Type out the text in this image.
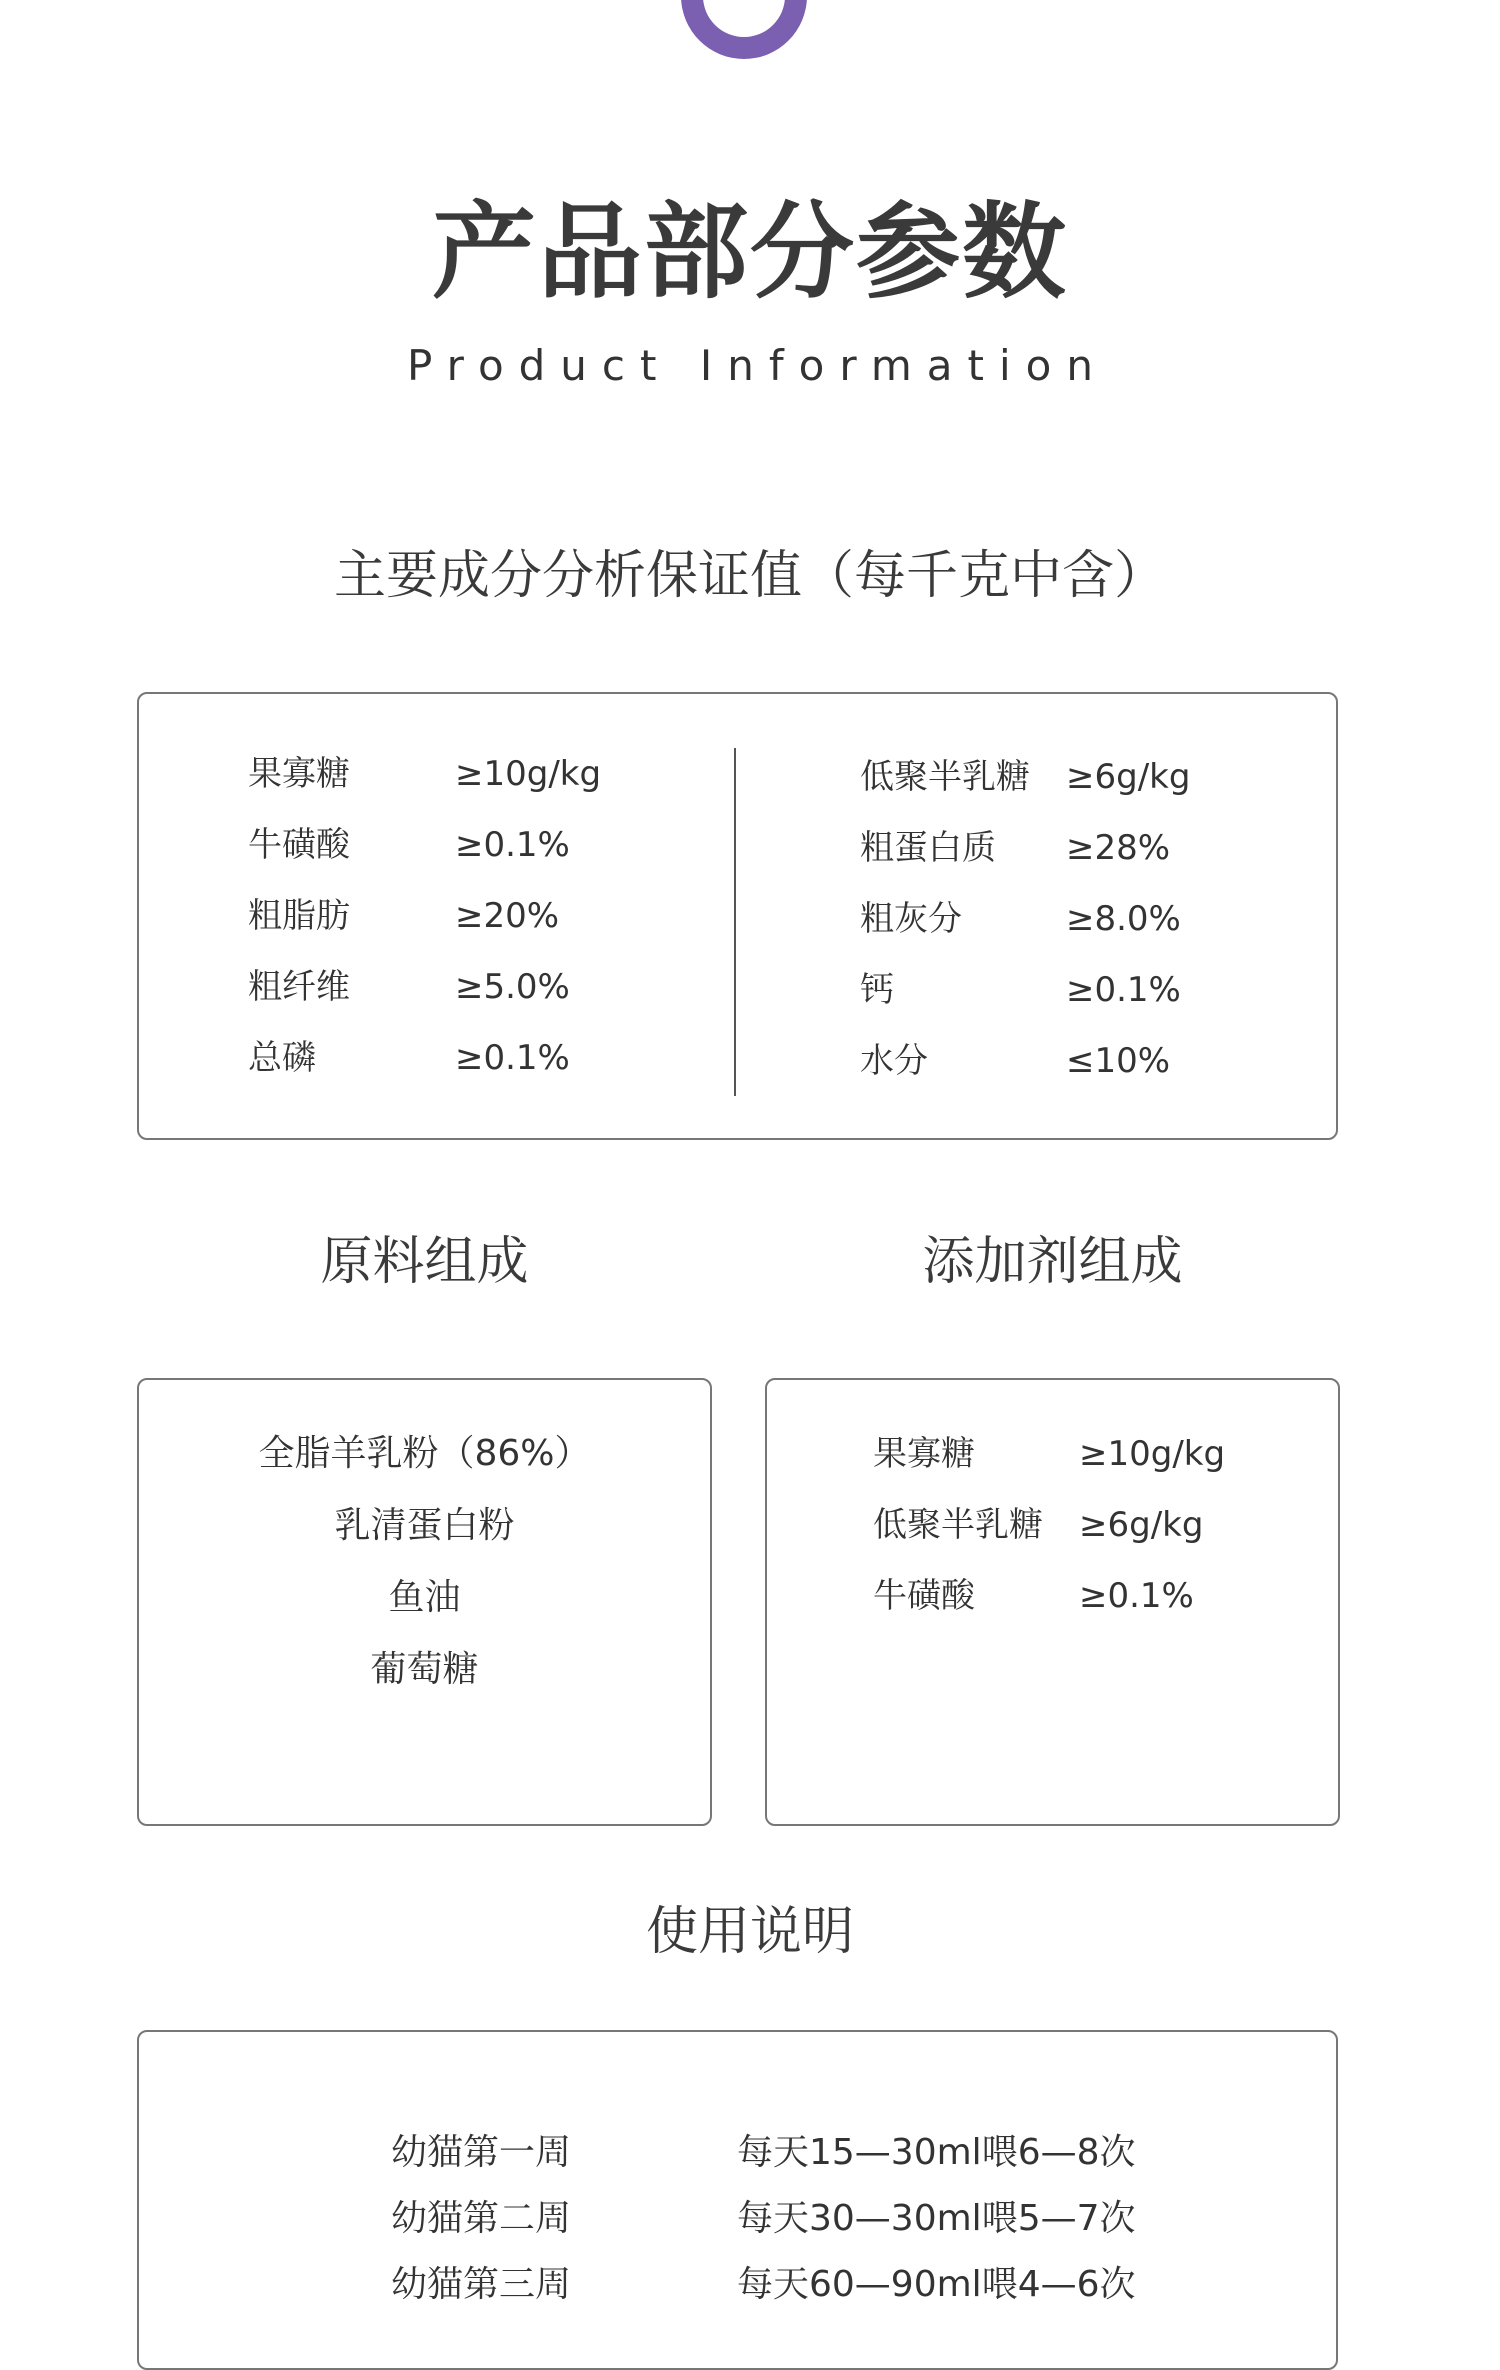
产品部分参数
Product Information
主要成分分析保证值（每千克中含）
果寡糖	≥10g/kg
牛磺酸	≥0.1%
粗脂肪	≥20%
粗纤维	≥5.0%
总磷	≥0.1%
低聚半乳糖 ≥6g/kg
粗蛋白质 ≥28%
粗灰分	≥8.0%
钙	≥0.1%
水分	≤10%
原料组成	添加剂组成
全脂羊乳粉（86%）
乳清蛋白粉
鱼油
葡萄糖
果寡糖	≥10g/kg
低聚半乳糖 ≥6g/kg
牛磺酸	≥0.1%
使用说明
幼猫第一周	每天15—30ml喂6—8次
幼猫第二周	每天30—30ml喂5—7次
幼猫第三周	每天60—90ml喂4—6次
